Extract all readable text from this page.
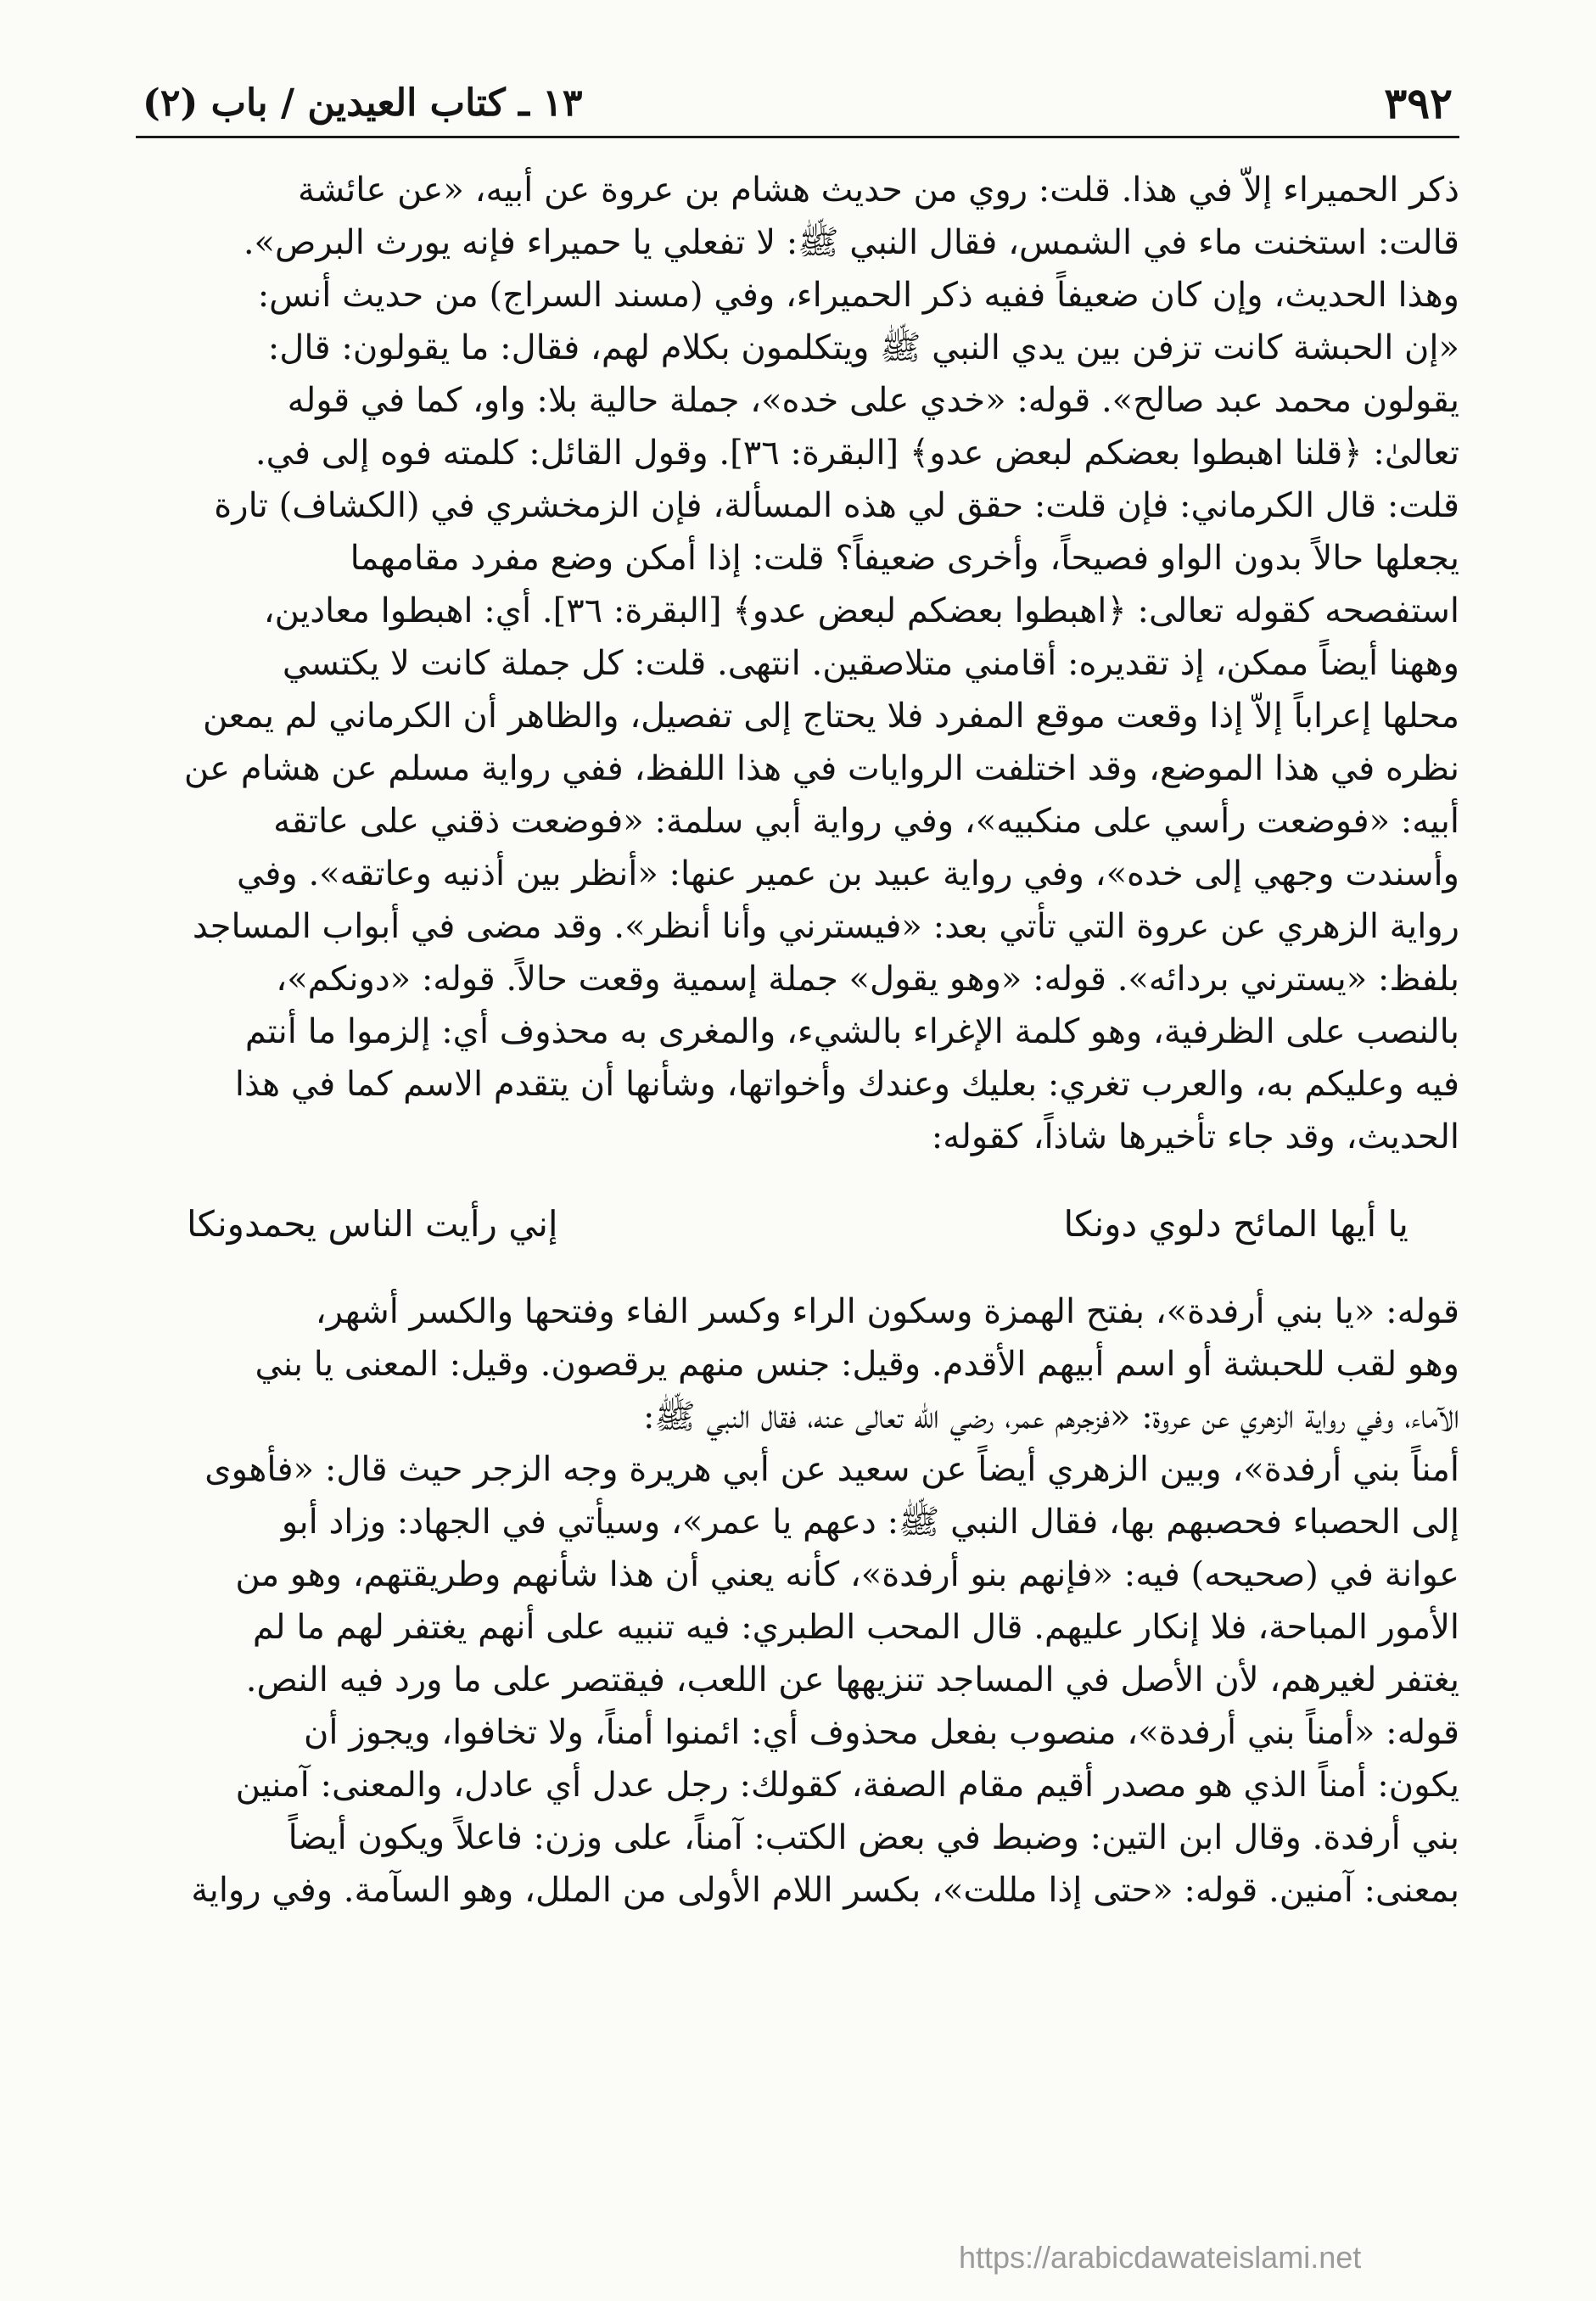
٣٩٢
١٣ ـ كتاب العيدين / باب (٢)
ذكر الحميراء إلاّ في هذا. قلت: روي من حديث هشام بن عروة عن أبيه، «عن عائشة
قالت: استخنت ماء في الشمس، فقال النبي ﷺ: لا تفعلي يا حميراء فإنه يورث البرص».
وهذا الحديث، وإن كان ضعيفاً ففيه ذكر الحميراء، وفي (مسند السراج) من حديث أنس:
«إن الحبشة كانت تزفن بين يدي النبي ﷺ ويتكلمون بكلام لهم، فقال: ما يقولون: قال:
يقولون محمد عبد صالح». قوله: «خدي على خده»، جملة حالية بلا: واو، كما في قوله
تعالىٰ: ﴿قلنا اهبطوا بعضكم لبعض عدو﴾ [البقرة: ٣٦]. وقول القائل: كلمته فوه إلى في.
قلت: قال الكرماني: فإن قلت: حقق لي هذه المسألة، فإن الزمخشري في (الكشاف) تارة
يجعلها حالاً بدون الواو فصيحاً، وأخرى ضعيفاً؟ قلت: إذا أمكن وضع مفرد مقامهما
استفصحه كقوله تعالى: ﴿اهبطوا بعضكم لبعض عدو﴾ [البقرة: ٣٦]. أي: اهبطوا معادين،
وههنا أيضاً ممكن، إذ تقديره: أقامني متلاصقين. انتهى. قلت: كل جملة كانت لا يكتسي
محلها إعراباً إلاّ إذا وقعت موقع المفرد فلا يحتاج إلى تفصيل، والظاهر أن الكرماني لم يمعن
نظره في هذا الموضع، وقد اختلفت الروايات في هذا اللفظ، ففي رواية مسلم عن هشام عن
أبيه: «فوضعت رأسي على منكبيه»، وفي رواية أبي سلمة: «فوضعت ذقني على عاتقه
وأسندت وجهي إلى خده»، وفي رواية عبيد بن عمير عنها: «أنظر بين أذنيه وعاتقه». وفي
رواية الزهري عن عروة التي تأتي بعد: «فيسترني وأنا أنظر». وقد مضى في أبواب المساجد
بلفظ: «يسترني بردائه». قوله: «وهو يقول» جملة إسمية وقعت حالاً. قوله: «دونكم»،
بالنصب على الظرفية، وهو كلمة الإغراء بالشيء، والمغرى به محذوف أي: إلزموا ما أنتم
فيه وعليكم به، والعرب تغري: بعليك وعندك وأخواتها، وشأنها أن يتقدم الاسم كما في هذا
الحديث، وقد جاء تأخيرها شاذاً، كقوله:
يا أيها المائح دلوي دونكا
إني رأيت الناس يحمدونكا
قوله: «يا بني أرفدة»، بفتح الهمزة وسكون الراء وكسر الفاء وفتحها والكسر أشهر،
وهو لقب للحبشة أو اسم أبيهم الأقدم. وقيل: جنس منهم يرقصون. وقيل: المعنى يا بني
الآماء، وفي رواية الزهري عن عروة: «فزجرهم عمر، رضي الله تعالى عنه، فقال النبي ﷺ:
أمناً بني أرفدة»، وبين الزهري أيضاً عن سعيد عن أبي هريرة وجه الزجر حيث قال: «فأهوى
إلى الحصباء فحصبهم بها، فقال النبي ﷺ: دعهم يا عمر»، وسيأتي في الجهاد: وزاد أبو
عوانة في (صحيحه) فيه: «فإنهم بنو أرفدة»، كأنه يعني أن هذا شأنهم وطريقتهم، وهو من
الأمور المباحة، فلا إنكار عليهم. قال المحب الطبري: فيه تنبيه على أنهم يغتفر لهم ما لم
يغتفر لغيرهم، لأن الأصل في المساجد تنزيهها عن اللعب، فيقتصر على ما ورد فيه النص.
قوله: «أمناً بني أرفدة»، منصوب بفعل محذوف أي: ائمنوا أمناً، ولا تخافوا، ويجوز أن
يكون: أمناً الذي هو مصدر أقيم مقام الصفة، كقولك: رجل عدل أي عادل، والمعنى: آمنين
بني أرفدة. وقال ابن التين: وضبط في بعض الكتب: آمناً، على وزن: فاعلاً ويكون أيضاً
بمعنى: آمنين. قوله: «حتى إذا مللت»، بكسر اللام الأولى من الملل، وهو السآمة. وفي رواية
https://arabicdawateislami.net
